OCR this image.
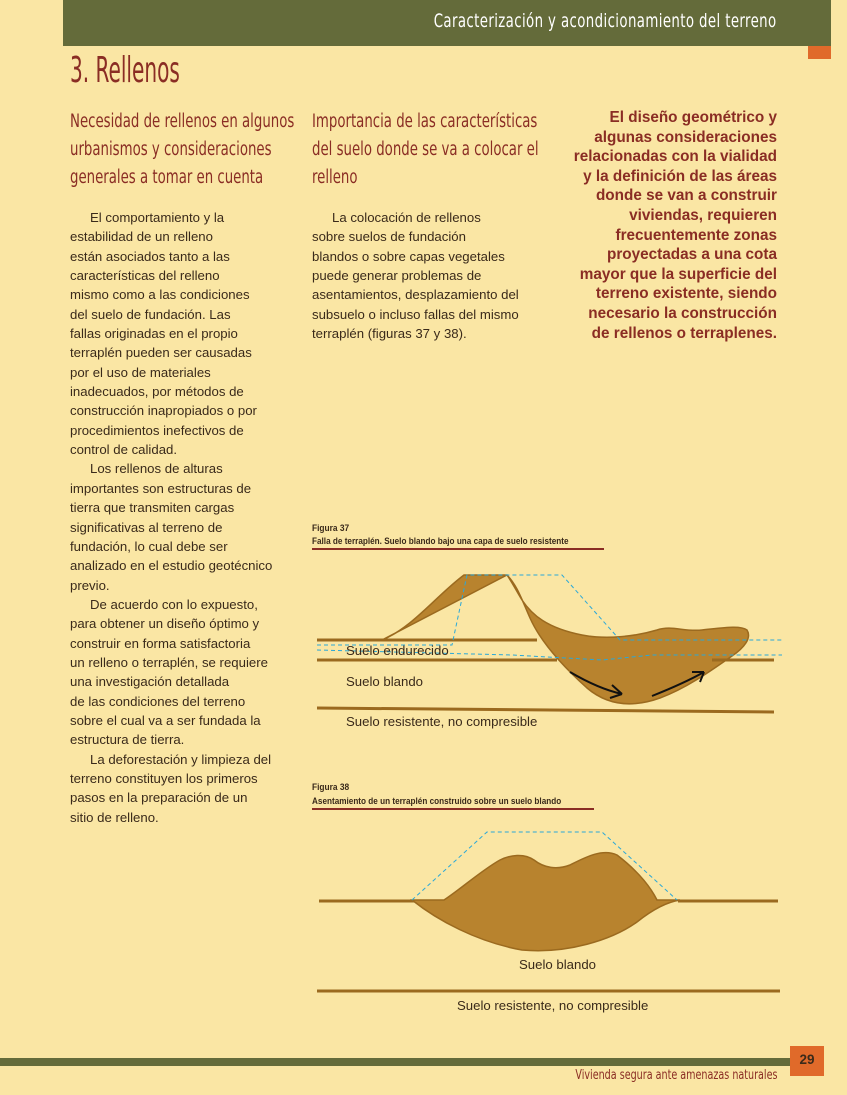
Caracterización y acondicionamiento del terreno
3. Rellenos
Necesidad de rellenos en algunos
urbanismos y consideraciones
generales a tomar en cuenta
El comportamiento y la
estabilidad de un relleno
están asociados tanto a las
características del relleno
mismo como a las condiciones
del suelo de fundación. Las
fallas originadas en el propio
terraplén pueden ser causadas
por el uso de materiales
inadecuados, por métodos de
construcción inapropiados o por
procedimientos inefectivos de
control de calidad.
Los rellenos de alturas
importantes son estructuras de
tierra que transmiten cargas
significativas al terreno de
fundación, lo cual debe ser
analizado en el estudio geotécnico
previo.
De acuerdo con lo expuesto,
para obtener un diseño óptimo y
construir en forma satisfactoria
un relleno o terraplén, se requiere
una investigación detallada
de las condiciones del terreno
sobre el cual va a ser fundada la
estructura de tierra.
La deforestación y limpieza del
terreno constituyen los primeros
pasos en la preparación de un
sitio de relleno.
Importancia de las características
del suelo donde se va a colocar el
relleno
La colocación de rellenos
sobre suelos de fundación
blandos o sobre capas vegetales
puede generar problemas de
asentamientos, desplazamiento del
subsuelo o incluso fallas del mismo
terraplén (figuras 37 y 38).
El diseño geométrico y
algunas consideraciones
relacionadas con la vialidad
y la definición de las áreas
donde se van a construir
viviendas, requieren
frecuentemente zonas
proyectadas a una cota
mayor que la superficie del
terreno existente, siendo
necesario la construcción
de rellenos o terraplenes.
Figura 37
Falla de terraplén. Suelo blando bajo una capa de suelo resistente
Suelo endurecido
Suelo blando
Suelo resistente, no compresible
Figura 38
Asentamiento de un terraplén construido sobre un suelo blando
Suelo blando
Suelo resistente, no compresible
29
Vivienda segura ante amenazas naturales
